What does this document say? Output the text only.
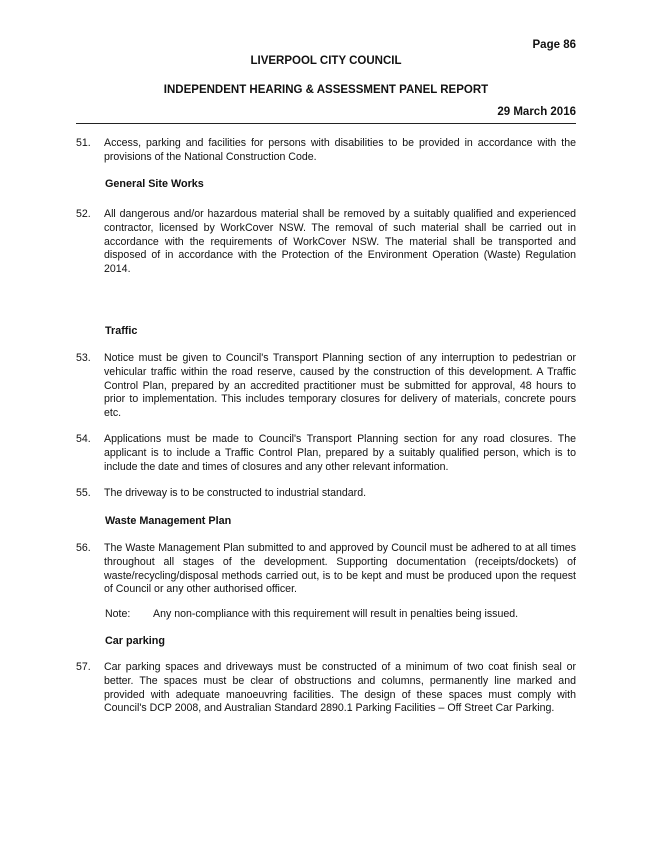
Page 86
LIVERPOOL CITY COUNCIL
INDEPENDENT HEARING & ASSESSMENT PANEL REPORT
29 March 2016
51.	Access, parking and facilities for persons with disabilities to be provided in accordance with the provisions of the National Construction Code.
General Site Works
52.	All dangerous and/or hazardous material shall be removed by a suitably qualified and experienced contractor, licensed by WorkCover NSW. The removal of such material shall be carried out in accordance with the requirements of WorkCover NSW. The material shall be transported and disposed of in accordance with the Protection of the Environment Operation (Waste) Regulation 2014.
Traffic
53.	Notice must be given to Council's Transport Planning section of any interruption to pedestrian or vehicular traffic within the road reserve, caused by the construction of this development. A Traffic Control Plan, prepared by an accredited practitioner must be submitted for approval, 48 hours to prior to implementation. This includes temporary closures for delivery of materials, concrete pours etc.
54.	Applications must be made to Council's Transport Planning section for any road closures. The applicant is to include a Traffic Control Plan, prepared by a suitably qualified person, which is to include the date and times of closures and any other relevant information.
55.	The driveway is to be constructed to industrial standard.
Waste Management Plan
56.	The Waste Management Plan submitted to and approved by Council must be adhered to at all times throughout all stages of the development. Supporting documentation (receipts/dockets) of waste/recycling/disposal methods carried out, is to be kept and must be produced upon the request of Council or any other authorised officer.
Note: Any non-compliance with this requirement will result in penalties being issued.
Car parking
57.	Car parking spaces and driveways must be constructed of a minimum of two coat finish seal or better. The spaces must be clear of obstructions and columns, permanently line marked and provided with adequate manoeuvring facilities. The design of these spaces must comply with Council's DCP 2008, and Australian Standard 2890.1 Parking Facilities – Off Street Car Parking.
